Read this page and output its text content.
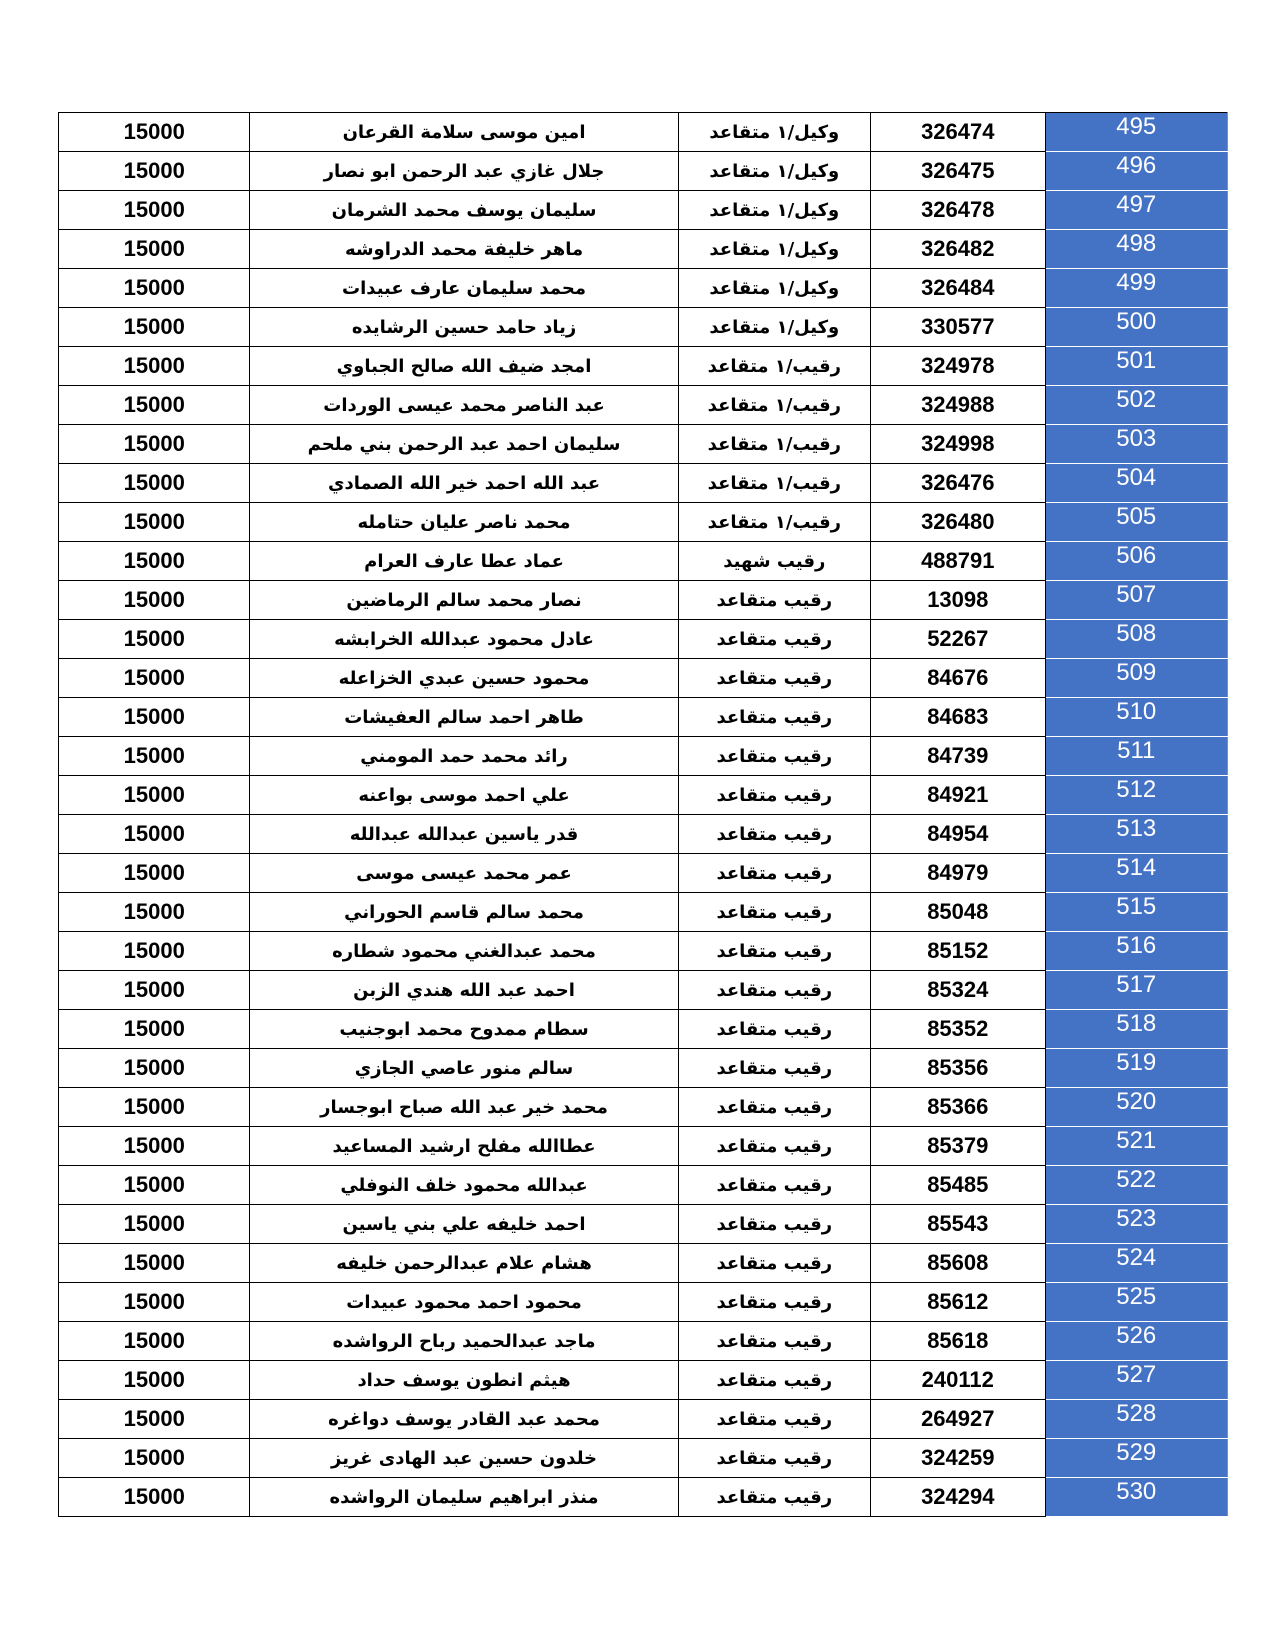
15000	امين موسى سلامة القرعان	وكيل/١ متقاعد	326474	495
15000	جلال غازي عبد الرحمن ابو نصار	وكيل/١ متقاعد	326475	496
15000	سليمان يوسف محمد الشرمان	وكيل/١ متقاعد	326478	497
15000	ماهر خليفة محمد الدراوشه	وكيل/١ متقاعد	326482	498
15000	محمد سليمان عارف عبيدات	وكيل/١ متقاعد	326484	499
15000	زياد حامد حسين الرشايده	وكيل/١ متقاعد	330577	500
15000	امجد ضيف الله صالح الجباوي	رقيب/١ متقاعد	324978	501
15000	عبد الناصر محمد عيسى الوردات	رقيب/١ متقاعد	324988	502
15000	سليمان احمد عبد الرحمن بني ملحم	رقيب/١ متقاعد	324998	503
15000	عبد الله احمد خير الله الصمادي	رقيب/١ متقاعد	326476	504
15000	محمد ناصر عليان حتامله	رقيب/١ متقاعد	326480	505
15000	عماد عطا عارف العرام	رقيب شهيد	488791	506
15000	نصار محمد سالم الرماضين	رقيب متقاعد	13098	507
15000	عادل محمود عبدالله الخرابشه	رقيب متقاعد	52267	508
15000	محمود حسين عبدي الخزاعله	رقيب متقاعد	84676	509
15000	طاهر احمد سالم العفيشات	رقيب متقاعد	84683	510
15000	رائد محمد حمد المومني	رقيب متقاعد	84739	511
15000	علي احمد موسى بواعنه	رقيب متقاعد	84921	512
15000	قدر ياسين عبدالله عبدالله	رقيب متقاعد	84954	513
15000	عمر محمد عيسى موسى	رقيب متقاعد	84979	514
15000	محمد سالم قاسم الحوراني	رقيب متقاعد	85048	515
15000	محمد عبدالغني محمود شطاره	رقيب متقاعد	85152	516
15000	احمد عبد الله هندي الزبن	رقيب متقاعد	85324	517
15000	سطام ممدوح محمد ابوجنيب	رقيب متقاعد	85352	518
15000	سالم منور عاصي الجازي	رقيب متقاعد	85356	519
15000	محمد خير عبد الله صباح ابوجسار	رقيب متقاعد	85366	520
15000	عطاالله مفلح ارشيد المساعيد	رقيب متقاعد	85379	521
15000	عبدالله محمود خلف النوفلي	رقيب متقاعد	85485	522
15000	احمد خليفه علي بني ياسين	رقيب متقاعد	85543	523
15000	هشام علام عبدالرحمن خليفه	رقيب متقاعد	85608	524
15000	محمود احمد محمود عبيدات	رقيب متقاعد	85612	525
15000	ماجد عبدالحميد رباح الرواشده	رقيب متقاعد	85618	526
15000	هيثم انطون يوسف حداد	رقيب متقاعد	240112	527
15000	محمد عبد القادر يوسف دواغره	رقيب متقاعد	264927	528
15000	خلدون حسين عبد الهادى غريز	رقيب متقاعد	324259	529
15000	منذر ابراهيم سليمان الرواشده	رقيب متقاعد	324294	530
